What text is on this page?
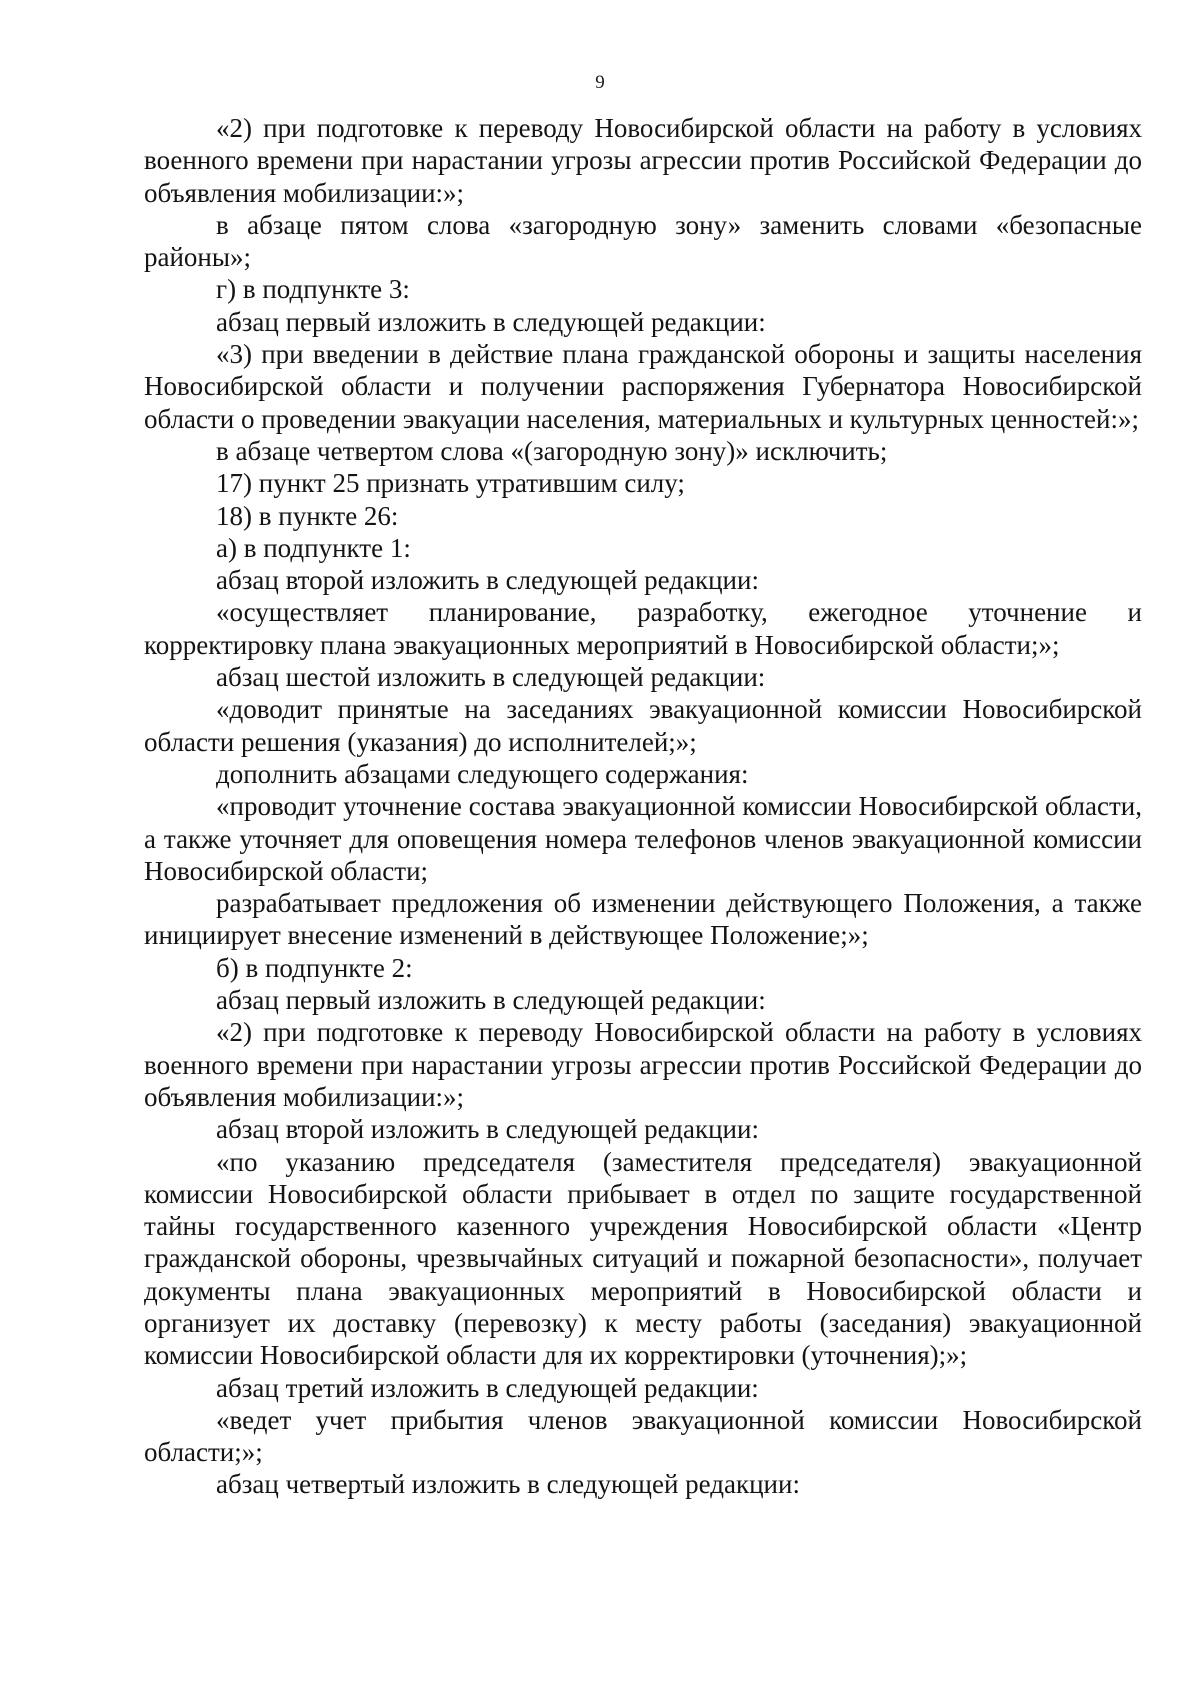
9

«2) при подготовке к переводу Новосибирской области на работу в условиях военного времени при нарастании угрозы агрессии против Российской Федерации до объявления мобилизации:»;

в абзаце пятом слова «загородную зону» заменить словами «безопасные районы»;

г) в подпункте 3:

абзац первый изложить в следующей редакции:

«3) при введении в действие плана гражданской обороны и защиты населения Новосибирской области и получении распоряжения Губернатора Новосибирской области о проведении эвакуации населения, материальных и культурных ценностей:»;

в абзаце четвертом слова «(загородную зону)» исключить;

17) пункт 25 признать утратившим силу;

18) в пункте 26:

а) в подпункте 1:

абзац второй изложить в следующей редакции:

«осуществляет планирование, разработку, ежегодное уточнение и корректировку плана эвакуационных мероприятий в Новосибирской области;»;

абзац шестой изложить в следующей редакции:

«доводит принятые на заседаниях эвакуационной комиссии Новосибирской области решения (указания) до исполнителей;»;

дополнить абзацами следующего содержания:

«проводит уточнение состава эвакуационной комиссии Новосибирской области, а также уточняет для оповещения номера телефонов членов эвакуационной комиссии Новосибирской области;

разрабатывает предложения об изменении действующего Положения, а также инициирует внесение изменений в действующее Положение;»;

б) в подпункте 2:

абзац первый изложить в следующей редакции:

«2) при подготовке к переводу Новосибирской области на работу в условиях военного времени при нарастании угрозы агрессии против Российской Федерации до объявления мобилизации:»;

абзац второй изложить в следующей редакции:

«по указанию председателя (заместителя председателя) эвакуационной комиссии Новосибирской области прибывает в отдел по защите государственной тайны государственного казенного учреждения Новосибирской области «Центр гражданской обороны, чрезвычайных ситуаций и пожарной безопасности», получает документы плана эвакуационных мероприятий в Новосибирской области и организует их доставку (перевозку) к месту работы (заседания) эвакуационной комиссии Новосибирской области для их корректировки (уточнения);»;

абзац третий изложить в следующей редакции:

«ведет учет прибытия членов эвакуационной комиссии Новосибирской области;»;

абзац четвертый изложить в следующей редакции:
